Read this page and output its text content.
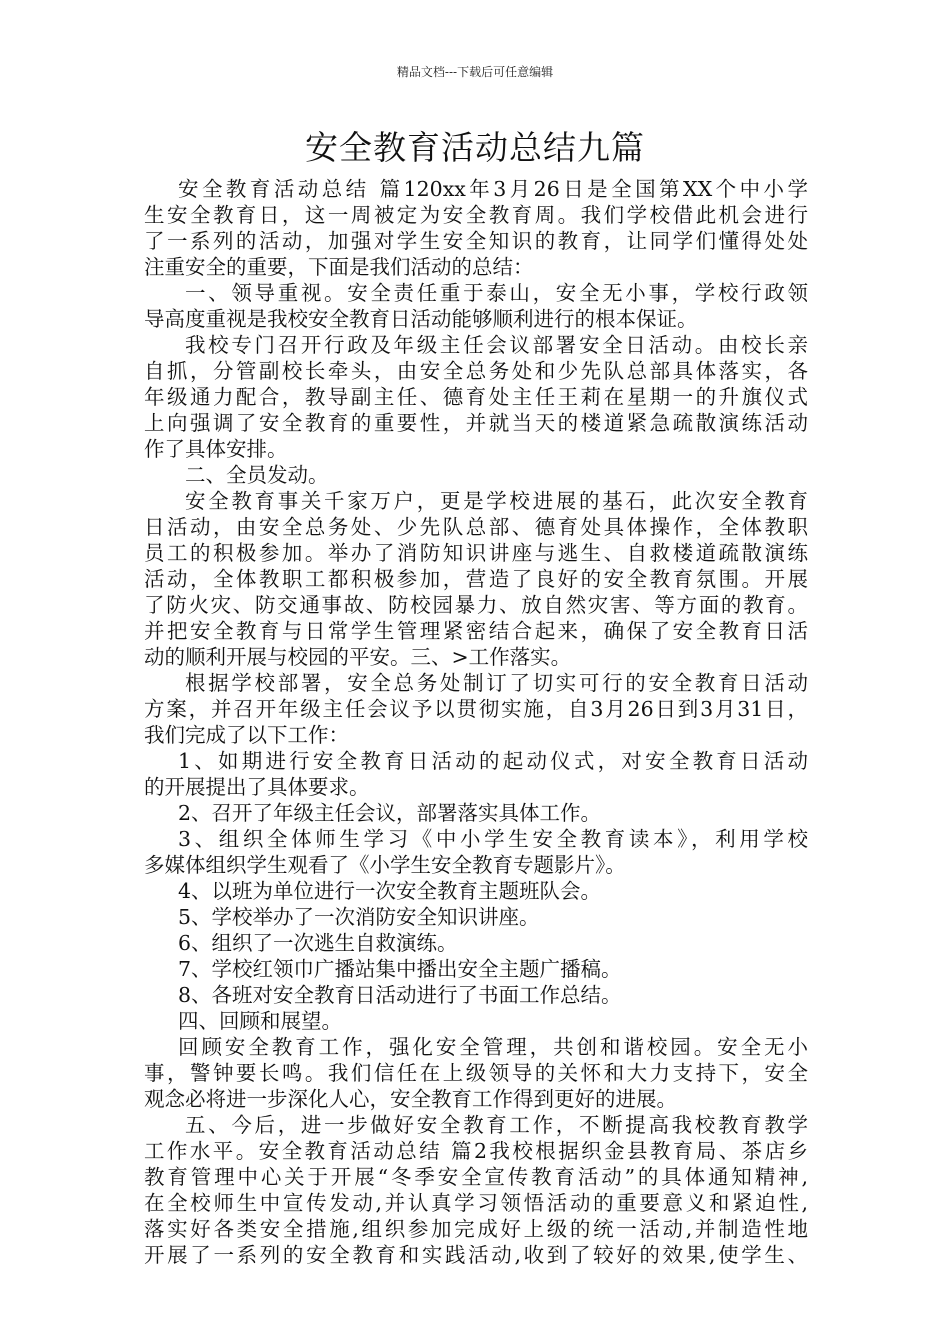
精品文档---下载后可任意编辑
安全教育活动总结九篇
安全教育活动总结 篇120xx年3月26日是全国第XX个中小学
生安全教育日，这一周被定为安全教育周。我们学校借此机会进行
了一系列的活动，加强对学生安全知识的教育，让同学们懂得处处
注重安全的重要，下面是我们活动的总结：
一、领导重视。安全责任重于泰山，安全无小事，学校行政领
导高度重视是我校安全教育日活动能够顺利进行的根本保证。
我校专门召开行政及年级主任会议部署安全日活动。由校长亲
自抓，分管副校长牵头，由安全总务处和少先队总部具体落实，各
年级通力配合，教导副主任、德育处主任王莉在星期一的升旗仪式
上向强调了安全教育的重要性，并就当天的楼道紧急疏散演练活动
作了具体安排。
二、全员发动。
安全教育事关千家万户，更是学校进展的基石，此次安全教育
日活动，由安全总务处、少先队总部、德育处具体操作，全体教职
员工的积极参加。举办了消防知识讲座与逃生、自救楼道疏散演练
活动，全体教职工都积极参加，营造了良好的安全教育氛围。开展
了防火灾、防交通事故、防校园暴力、放自然灾害、等方面的教育。
并把安全教育与日常学生管理紧密结合起来，确保了安全教育日活
动的顺利开展与校园的平安。三、>工作落实。
根据学校部署，安全总务处制订了切实可行的安全教育日活动
方案，并召开年级主任会议予以贯彻实施，自3月26日到3月31日，
我们完成了以下工作：
1、如期进行安全教育日活动的起动仪式，对安全教育日活动
的开展提出了具体要求。
2、召开了年级主任会议，部署落实具体工作。
3、组织全体师生学习《中小学生安全教育读本》，利用学校
多媒体组织学生观看了《小学生安全教育专题影片》。
4、以班为单位进行一次安全教育主题班队会。
5、学校举办了一次消防安全知识讲座。
6、组织了一次逃生自救演练。
7、学校红领巾广播站集中播出安全主题广播稿。
8、各班对安全教育日活动进行了书面工作总结。
四、回顾和展望。
回顾安全教育工作，强化安全管理，共创和谐校园。安全无小
事，警钟要长鸣。我们信任在上级领导的关怀和大力支持下，安全
观念必将进一步深化人心，安全教育工作得到更好的进展。
五、今后，进一步做好安全教育工作，不断提高我校教育教学
工作水平。安全教育活动总结 篇2我校根据织金县教育局、茶店乡
教育管理中心关于开展“冬季安全宣传教育活动”的具体通知精神,
在全校师生中宣传发动,并认真学习领悟活动的重要意义和紧迫性,
落实好各类安全措施,组织参加完成好上级的统一活动,并制造性地
开展了一系列的安全教育和实践活动,收到了较好的效果,使学生、
